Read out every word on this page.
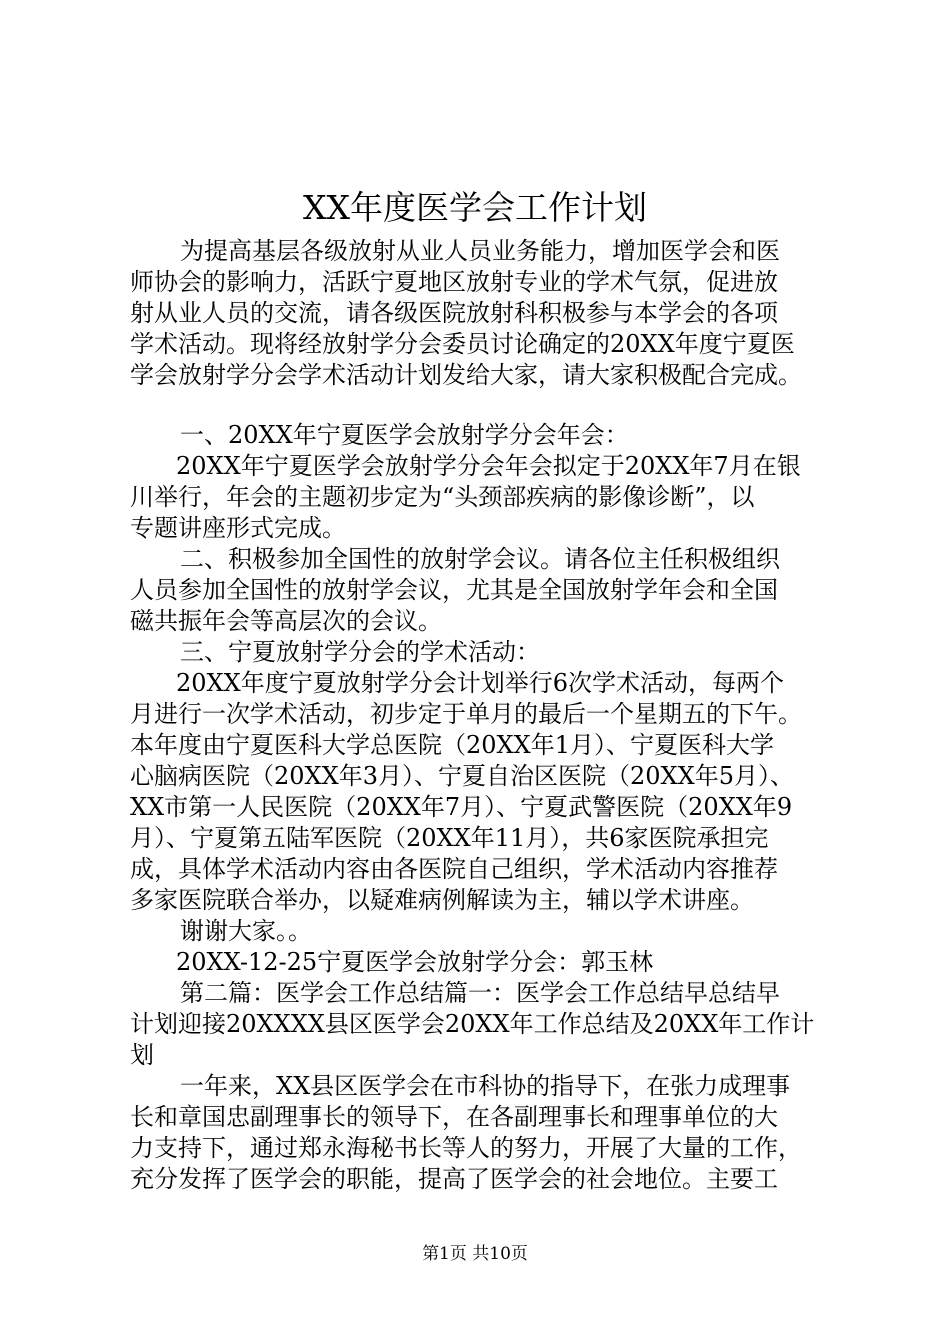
XX年度医学会工作计划
为提高基层各级放射从业人员业务能力，增加医学会和医
师协会的影响力，活跃宁夏地区放射专业的学术气氛，促进放
射从业人员的交流，请各级医院放射科积极参与本学会的各项
学术活动。现将经放射学分会委员讨论确定的20XX年度宁夏医
学会放射学分会学术活动计划发给大家，请大家积极配合完成。
一、20XX年宁夏医学会放射学分会年会：
20XX年宁夏医学会放射学分会年会拟定于20XX年7月在银
川举行，年会的主题初步定为“头颈部疾病的影像诊断”，以
专题讲座形式完成。
二、积极参加全国性的放射学会议。请各位主任积极组织
人员参加全国性的放射学会议，尤其是全国放射学年会和全国
磁共振年会等高层次的会议。
三、宁夏放射学分会的学术活动：
20XX年度宁夏放射学分会计划举行6次学术活动，每两个
月进行一次学术活动，初步定于单月的最后一个星期五的下午。
本年度由宁夏医科大学总医院（20XX年1月）、宁夏医科大学
心脑病医院（20XX年3月）、宁夏自治区医院（20XX年5月）、
XX市第一人民医院（20XX年7月）、宁夏武警医院（20XX年9
月）、宁夏第五陆军医院（20XX年11月），共6家医院承担完
成，具体学术活动内容由各医院自己组织，学术活动内容推荐
多家医院联合举办，以疑难病例解读为主，辅以学术讲座。
谢谢大家。。
20XX-12-25宁夏医学会放射学分会：郭玉林
第二篇：医学会工作总结篇一：医学会工作总结早总结早
计划迎接20XXXX县区医学会20XX年工作总结及20XX年工作计
划
一年来，XX县区医学会在市科协的指导下，在张力成理事
长和章国忠副理事长的领导下，在各副理事长和理事单位的大
力支持下，通过郑永海秘书长等人的努力，开展了大量的工作，
充分发挥了医学会的职能，提高了医学会的社会地位。主要工
第1页 共10页
